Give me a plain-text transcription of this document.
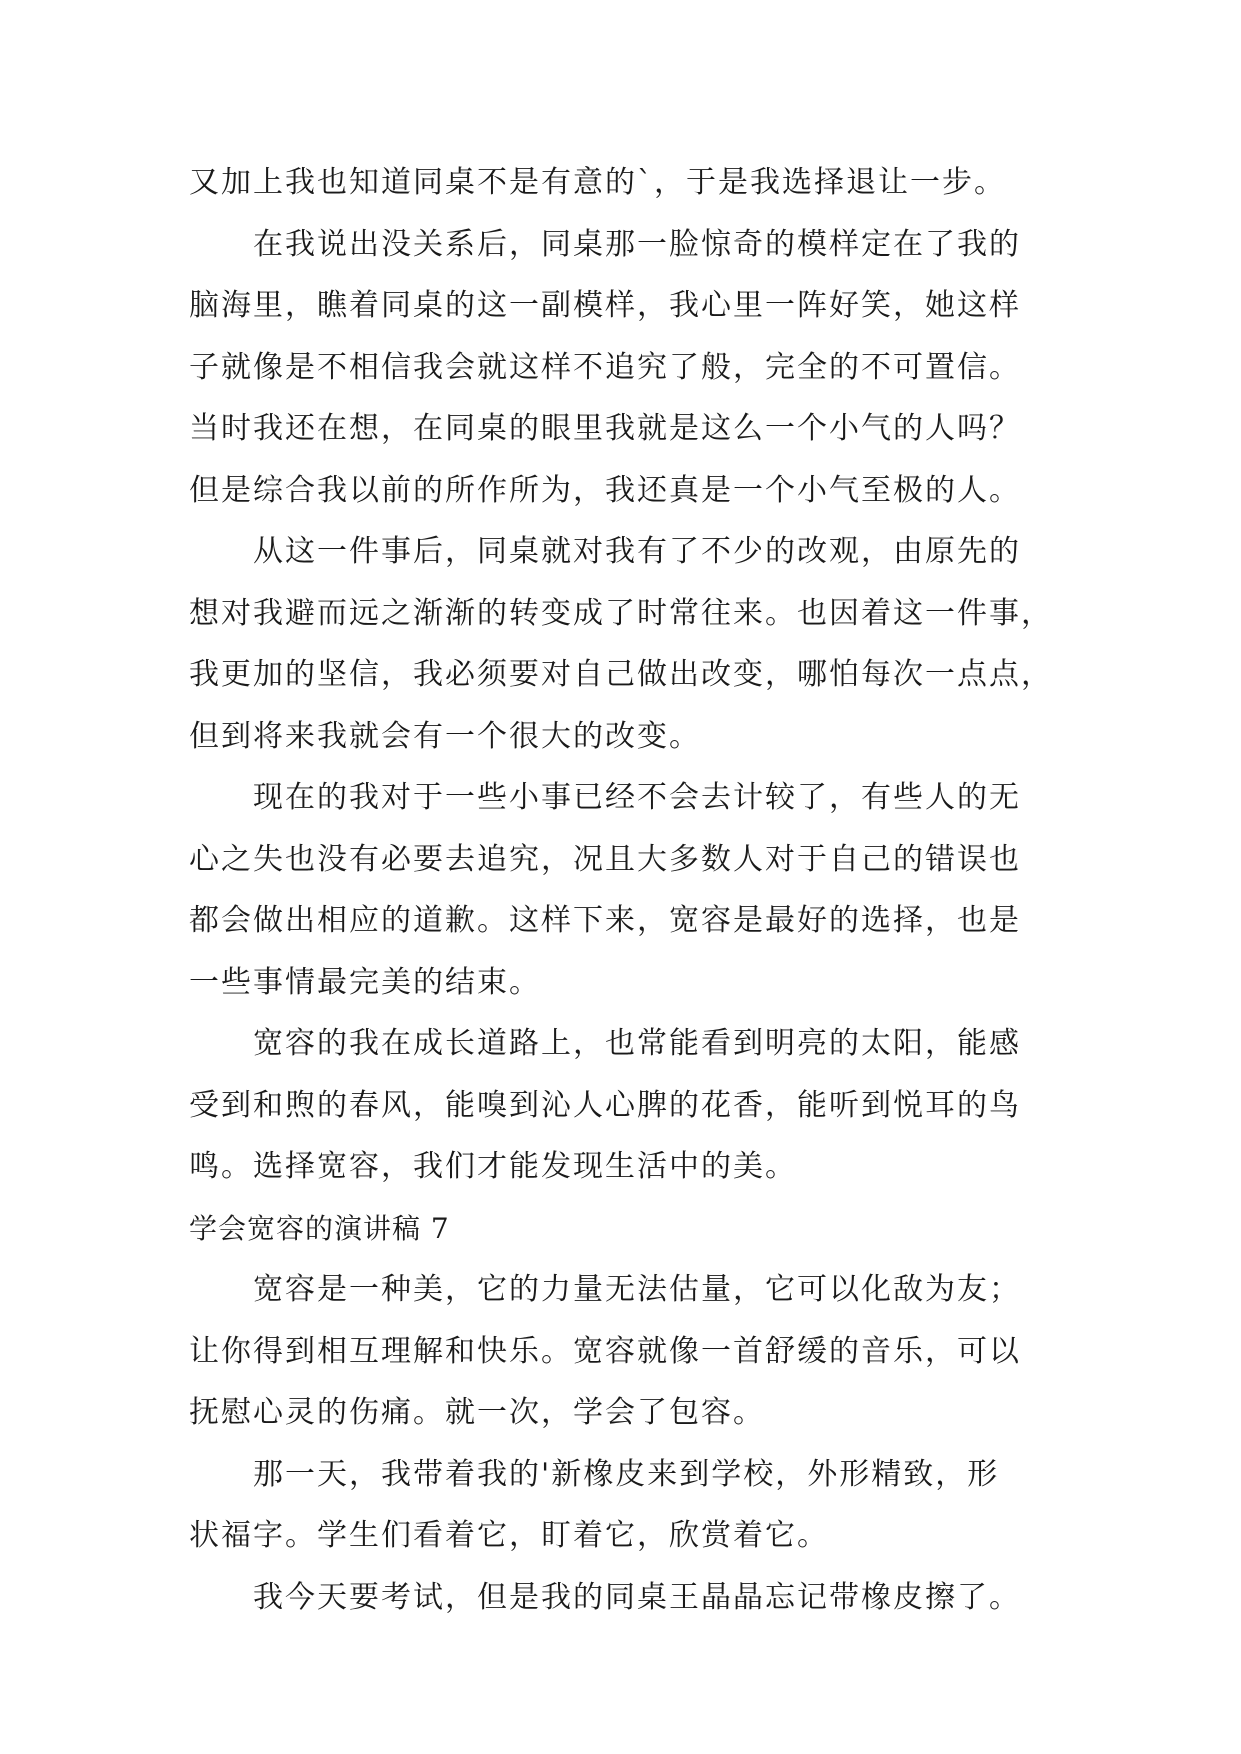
又加上我也知道同桌不是有意的`，于是我选择退让一步。
在我说出没关系后，同桌那一脸惊奇的模样定在了我的
脑海里，瞧着同桌的这一副模样，我心里一阵好笑，她这样
子就像是不相信我会就这样不追究了般，完全的不可置信。
当时我还在想，在同桌的眼里我就是这么一个小气的人吗？
但是综合我以前的所作所为，我还真是一个小气至极的人。
从这一件事后，同桌就对我有了不少的改观，由原先的
想对我避而远之渐渐的转变成了时常往来。也因着这一件事，
我更加的坚信，我必须要对自己做出改变，哪怕每次一点点，
但到将来我就会有一个很大的改变。
现在的我对于一些小事已经不会去计较了，有些人的无
心之失也没有必要去追究，况且大多数人对于自己的错误也
都会做出相应的道歉。这样下来，宽容是最好的选择，也是
一些事情最完美的结束。
宽容的我在成长道路上，也常能看到明亮的太阳，能感
受到和煦的春风，能嗅到沁人心脾的花香，能听到悦耳的鸟
鸣。选择宽容，我们才能发现生活中的美。
学会宽容的演讲稿 7
宽容是一种美，它的力量无法估量，它可以化敌为友；
让你得到相互理解和快乐。宽容就像一首舒缓的音乐，可以
抚慰心灵的伤痛。就一次，学会了包容。
那一天，我带着我的'新橡皮来到学校，外形精致，形
状福字。学生们看着它，盯着它，欣赏着它。
我今天要考试，但是我的同桌王晶晶忘记带橡皮擦了。
